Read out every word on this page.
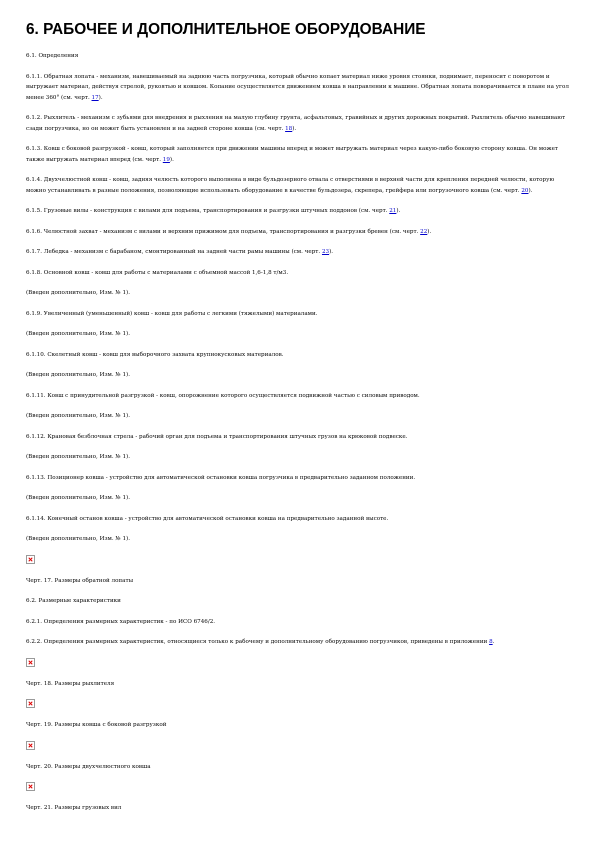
6. РАБОЧЕЕ И ДОПОЛНИТЕЛЬНОЕ ОБОРУДОВАНИЕ

6.1. Определения

6.1.1. Обратная лопата - механизм, навешиваемый на заднюю часть погрузчика, который обычно копает материал ниже уровня стоянки, поднимает, переносит с поворотом и выгружает материал, действуя стрелой, рукоятью и ковшом. Копание осуществляется движением ковша в направлении к машине. Обратная лопата поворачивается в плане на угол менее 360° (см. черт. 17).

6.1.2. Рыхлитель - механизм с зубьями для внедрения и рыхления на малую глубину грунта, асфальтовых, гравийных и других дорожных покрытий. Рыхлитель обычно навешивают сзади погрузчика, но он может быть установлен и на задней стороне ковша (см. черт. 18).

6.1.3. Ковш с боковой разгрузкой - ковш, который заполняется при движении машины вперед и может выгружать материал через какую-либо боковую сторону ковша. Он может также выгружать материал вперед (см. черт. 19).

6.1.4. Двухчелюстной ковш - ковш, задняя челюсть которого выполнена в виде бульдозерного отвала с отверстиями в верхней части для крепления передней челюсти, которую можно устанавливать в разные положения, позволяющие использовать оборудование в качестве бульдозера, скрепера, грейфера или погрузочного ковша (см. черт. 20).

6.1.5. Грузовые вилы - конструкция с вилами для подъема, транспортирования и разгрузки штучных поддонов (см. черт. 21).

6.1.6. Челюстной захват - механизм с вилами и верхним прижимом для подъема, транспортирования и разгрузки бревен (см. черт. 22).

6.1.7. Лебедка - механизм с барабаном, смонтированный на задней части рамы машины (см. черт. 23).

6.1.8. Основной ковш - ковш для работы с материалами с объемной массой 1,6-1,8 т/м3.

(Введен дополнительно, Изм. № 1).

6.1.9. Увеличенный (уменьшенный) ковш - ковш для работы с легкими (тяжелыми) материалами.

(Введен дополнительно, Изм. № 1).

6.1.10. Скелетный ковш - ковш для выборочного захвата крупнокусковых материалов.

(Введен дополнительно, Изм. № 1).

6.1.11. Ковш с принудительной разгрузкой - ковш, опорожнение которого осуществляется подвижной частью с силовым приводом.

(Введен дополнительно, Изм. № 1).

6.1.12. Крановая безблочная стрела - рабочий орган для подъема и транспортирования штучных грузов на крюковой подвеске.

(Введен дополнительно, Изм. № 1).

6.1.13. Позиционер ковша - устройство для автоматической остановки ковша погрузчика в предварительно заданном положении.

(Введен дополнительно, Изм. № 1).

6.1.14. Конечный останов ковша - устройство для автоматической остановки ковша на предварительно заданной высоте.

(Введен дополнительно, Изм. № 1).

Черт. 17. Размеры обратной лопаты

6.2. Размерные характеристики

6.2.1. Определения размерных характеристик - по ИСО 6746/2.

6.2.2. Определения размерных характеристик, относящиеся только к рабочему и дополнительному оборудованию погрузчиков, приведены в приложении 8.

Черт. 18. Размеры рыхлителя

Черт. 19. Размеры ковша с боковой разгрузкой

Черт. 20. Размеры двухчелюстного ковша

Черт. 21. Размеры грузовых вил
